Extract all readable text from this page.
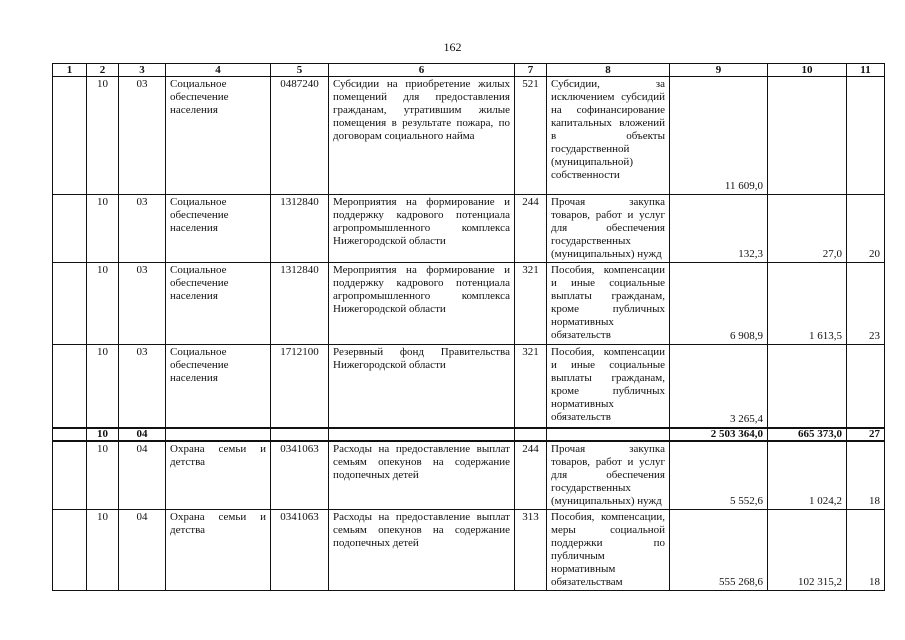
162
1	2	3	4	5	6	7	8	9	10	11
	10	03	Социальное обеспечение населения	0487240	Субсидии на приобретение жилых помещений для предоставления гражданам, утратившим жилые помещения в результате пожара, по договорам социального найма	521	Субсидии, за исключением субсидий на софинансирование капитальных вложений в объекты государственной (муниципальной) собственности	11 609,0		
	10	03	Социальное обеспечение населения	1312840	Мероприятия на формирование и поддержку кадрового потенциала агропромышленного комплекса Нижегородской области	244	Прочая закупка товаров, работ и услуг для обеспечения государственных (муниципальных) нужд	132,3	27,0	20
	10	03	Социальное обеспечение населения	1312840	Мероприятия на формирование и поддержку кадрового потенциала агропромышленного комплекса Нижегородской области	321	Пособия, компенсации и иные социальные выплаты гражданам, кроме публичных нормативных обязательств	6 908,9	1 613,5	23
	10	03	Социальное обеспечение населения	1712100	Резервный фонд Правительства Нижегородской области	321	Пособия, компенсации и иные социальные выплаты гражданам, кроме публичных нормативных обязательств	3 265,4		
	10	04						2 503 364,0	665 373,0	27
	10	04	Охрана семьи и детства	0341063	Расходы на предоставление выплат семьям опекунов на содержание подопечных детей	244	Прочая закупка товаров, работ и услуг для обеспечения государственных (муниципальных) нужд	5 552,6	1 024,2	18
	10	04	Охрана семьи и детства	0341063	Расходы на предоставление выплат семьям опекунов на содержание подопечных детей	313	Пособия, компенсации, меры социальной поддержки по публичным нормативным обязательствам	555 268,6	102 315,2	18
